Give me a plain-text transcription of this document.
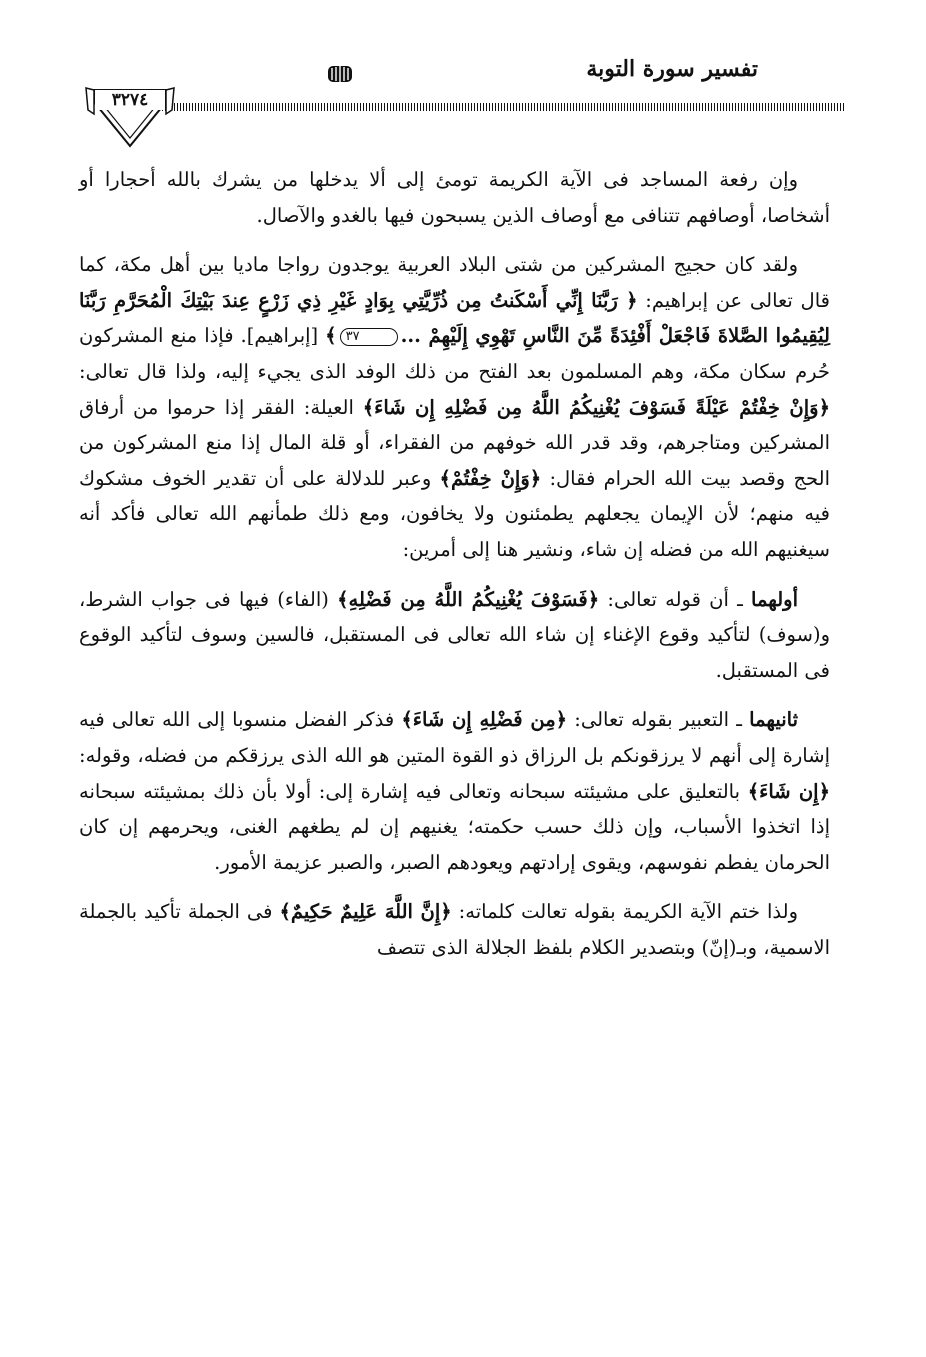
تفسير سورة التوبة
٣٢٧٤

وإن رفعة المساجد فى الآية الكريمة تومئ إلى ألا يدخلها من يشرك بالله أحجارا أو أشخاصا، أوصافهم تتنافى مع أوصاف الذين يسبحون فيها بالغدو والآصال.

ولقد كان حجيج المشركين من شتى البلاد العربية يوجدون رواجا ماديا بين أهل مكة، كما قال تعالى عن إبراهيم: ﴿ رَبَّنَا إِنِّي أَسْكَنتُ مِن ذُرِّيَّتِي بِوَادٍ غَيْرِ ذِي زَرْعٍ عِندَ بَيْتِكَ الْمُحَرَّمِ رَبَّنَا لِيُقِيمُوا الصَّلاةَ فَاجْعَلْ أَفْئِدَةً مِّنَ النَّاسِ تَهْوِي إِلَيْهِمْ ...٣٧﴾ [إبراهيم]. فإذا منع المشركون حُرم سكان مكة، وهم المسلمون بعد الفتح من ذلك الوفد الذى يجيء إليه، ولذا قال تعالى: ﴿وَإِنْ خِفْتُمْ عَيْلَةً فَسَوْفَ يُغْنِيكُمُ اللَّهُ مِن فَضْلِهِ إِن شَاءَ﴾ العيلة: الفقر إذا حرموا من أرفاق المشركين ومتاجرهم، وقد قدر الله خوفهم من الفقراء، أو قلة المال إذا منع المشركون من الحج وقصد بيت الله الحرام فقال: ﴿وَإِنْ خِفْتُمْ﴾ وعبر للدلالة على أن تقدير الخوف مشكوك فيه منهم؛ لأن الإيمان يجعلهم يطمئنون ولا يخافون، ومع ذلك طمأنهم الله تعالى فأكد أنه سيغنيهم الله من فضله إن شاء، ونشير هنا إلى أمرين:

أولهما ـ أن قوله تعالى: ﴿فَسَوْفَ يُغْنِيكُمُ اللَّهُ مِن فَضْلِهِ﴾ (الفاء) فيها فى جواب الشرط، و(سوف) لتأكيد وقوع الإغناء إن شاء الله تعالى فى المستقبل، فالسين وسوف لتأكيد الوقوع فى المستقبل.

ثانيهما ـ التعبير بقوله تعالى: ﴿مِن فَضْلِهِ إِن شَاءَ﴾ فذكر الفضل منسوبا إلى الله تعالى فيه إشارة إلى أنهم لا يرزقونكم بل الرزاق ذو القوة المتين هو الله الذى يرزقكم من فضله، وقوله: ﴿إِن شَاءَ﴾ بالتعليق على مشيئته سبحانه وتعالى فيه إشارة إلى: أولا بأن ذلك بمشيئته سبحانه إذا اتخذوا الأسباب، وإن ذلك حسب حكمته؛ يغنيهم إن لم يطغهم الغنى، ويحرمهم إن كان الحرمان يفطم نفوسهم، ويقوى إرادتهم ويعودهم الصبر، والصبر عزيمة الأمور.

ولذا ختم الآية الكريمة بقوله تعالت كلماته: ﴿إِنَّ اللَّهَ عَلِيمٌ حَكِيمٌ﴾ فى الجملة تأكيد بالجملة الاسمية، وبـ(إنّ) وبتصدير الكلام بلفظ الجلالة الذى تتصف
